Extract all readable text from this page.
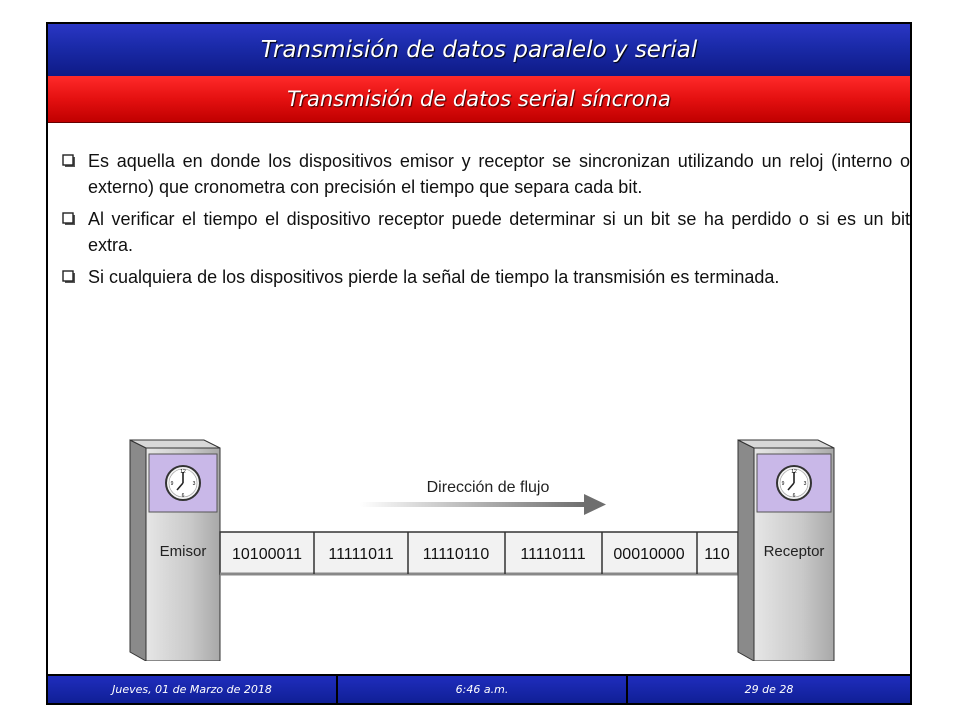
Transmisión de datos paralelo y serial
Transmisión de datos serial síncrona
Es aquella en donde los dispositivos emisor y receptor se sincronizan utilizando un reloj (interno o externo) que cronometra con precisión el tiempo que separa cada bit.
Al verificar el tiempo el dispositivo receptor puede determinar si un bit se ha perdido o si es un bit extra.
Si cualquiera de los dispositivos pierde la señal de tiempo la transmisión es terminada.
Jueves, 01 de Marzo de 2018	6:46 a.m.	29 de 28
12
3
6
9
Emisor 10100011 11111011 11110110 11110111 00010000 110
Dirección de flujo
12
3
6
9
Receptor
